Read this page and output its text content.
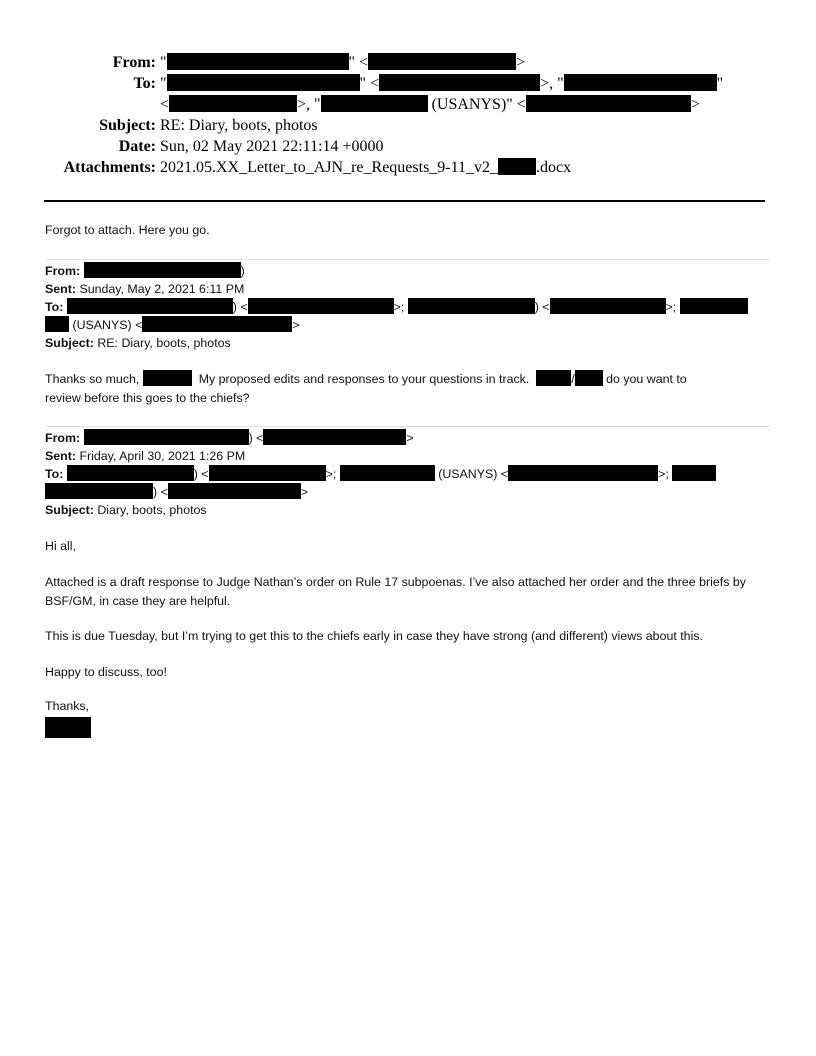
From: "	" <	>
To: "	" <	>, "	"
<	>, "	(USANYS)" <	>
Subject: RE: Diary, boots, photos
Date: Sun, 02 May 2021 22:11:14 +0000
Attachments: 2021.05.XX_Letter_to_AJN_re_Requests_9-11_v2_ .docx

Forgot to attach. Here you go.

From:	)
Sent: Sunday, May 2, 2021 6:11 PM
To:	) <	>;	) <	>;
(USANYS) <	>
Subject: RE: Diary, boots, photos

Thanks so much,	My proposed edits and responses to your questions in track.	/	do you want to

review before this goes to the chiefs?

From:	) <	>
Sent: Friday, April 30, 2021 1:26 PM
To:	) <	>;	(USANYS) <	>;
) <	>
Subject: Diary, boots, photos

Hi all,

Attached is a draft response to Judge Nathan’s order on Rule 17 subpoenas. I’ve also attached her order and the three briefs by BSF/GM, in case they are helpful.

This is due Tuesday, but I’m trying to get this to the chiefs early in case they have strong (and different) views about this.

Happy to discuss, too!

Thanks,
